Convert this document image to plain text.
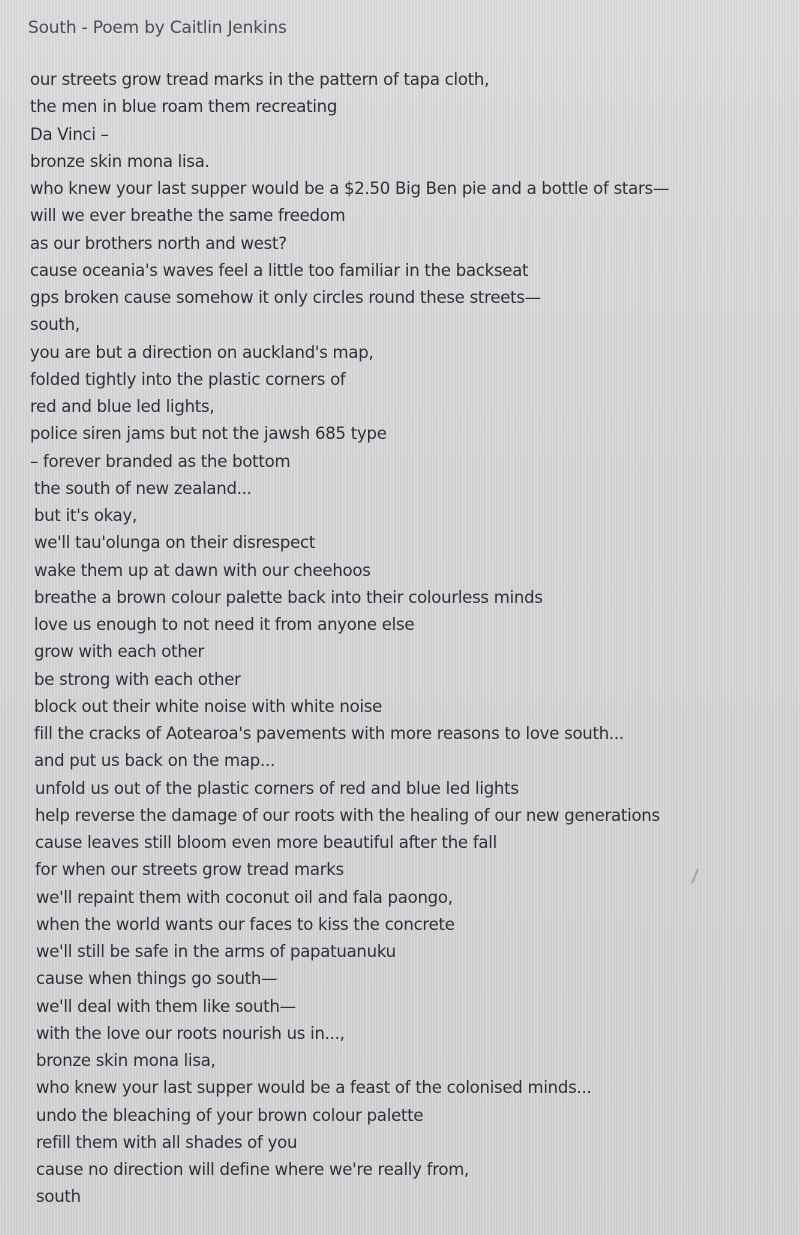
South - Poem by Caitlin Jenkins
our streets grow tread marks in the pattern of tapa cloth,
the men in blue roam them recreating
Da Vinci –
bronze skin mona lisa.
who knew your last supper would be a $2.50 Big Ben pie and a bottle of stars—
will we ever breathe the same freedom
as our brothers north and west?
cause oceania's waves feel a little too familiar in the backseat
gps broken cause somehow it only circles round these streets—
south,
you are but a direction on auckland's map,
folded tightly into the plastic corners of
red and blue led lights,
police siren jams but not the jawsh 685 type
– forever branded as the bottom
the south of new zealand...
but it's okay,
we'll tau'olunga on their disrespect
wake them up at dawn with our cheehoos
breathe a brown colour palette back into their colourless minds
love us enough to not need it from anyone else
grow with each other
be strong with each other
block out their white noise with white noise
fill the cracks of Aotearoa's pavements with more reasons to love south...
and put us back on the map...
unfold us out of the plastic corners of red and blue led lights
help reverse the damage of our roots with the healing of our new generations
cause leaves still bloom even more beautiful after the fall
for when our streets grow tread marks
we'll repaint them with coconut oil and fala paongo,
when the world wants our faces to kiss the concrete
we'll still be safe in the arms of papatuanuku
cause when things go south—
we'll deal with them like south—
with the love our roots nourish us in...,
bronze skin mona lisa,
who knew your last supper would be a feast of the colonised minds...
undo the bleaching of your brown colour palette
refill them with all shades of you
cause no direction will define where we're really from,
south
